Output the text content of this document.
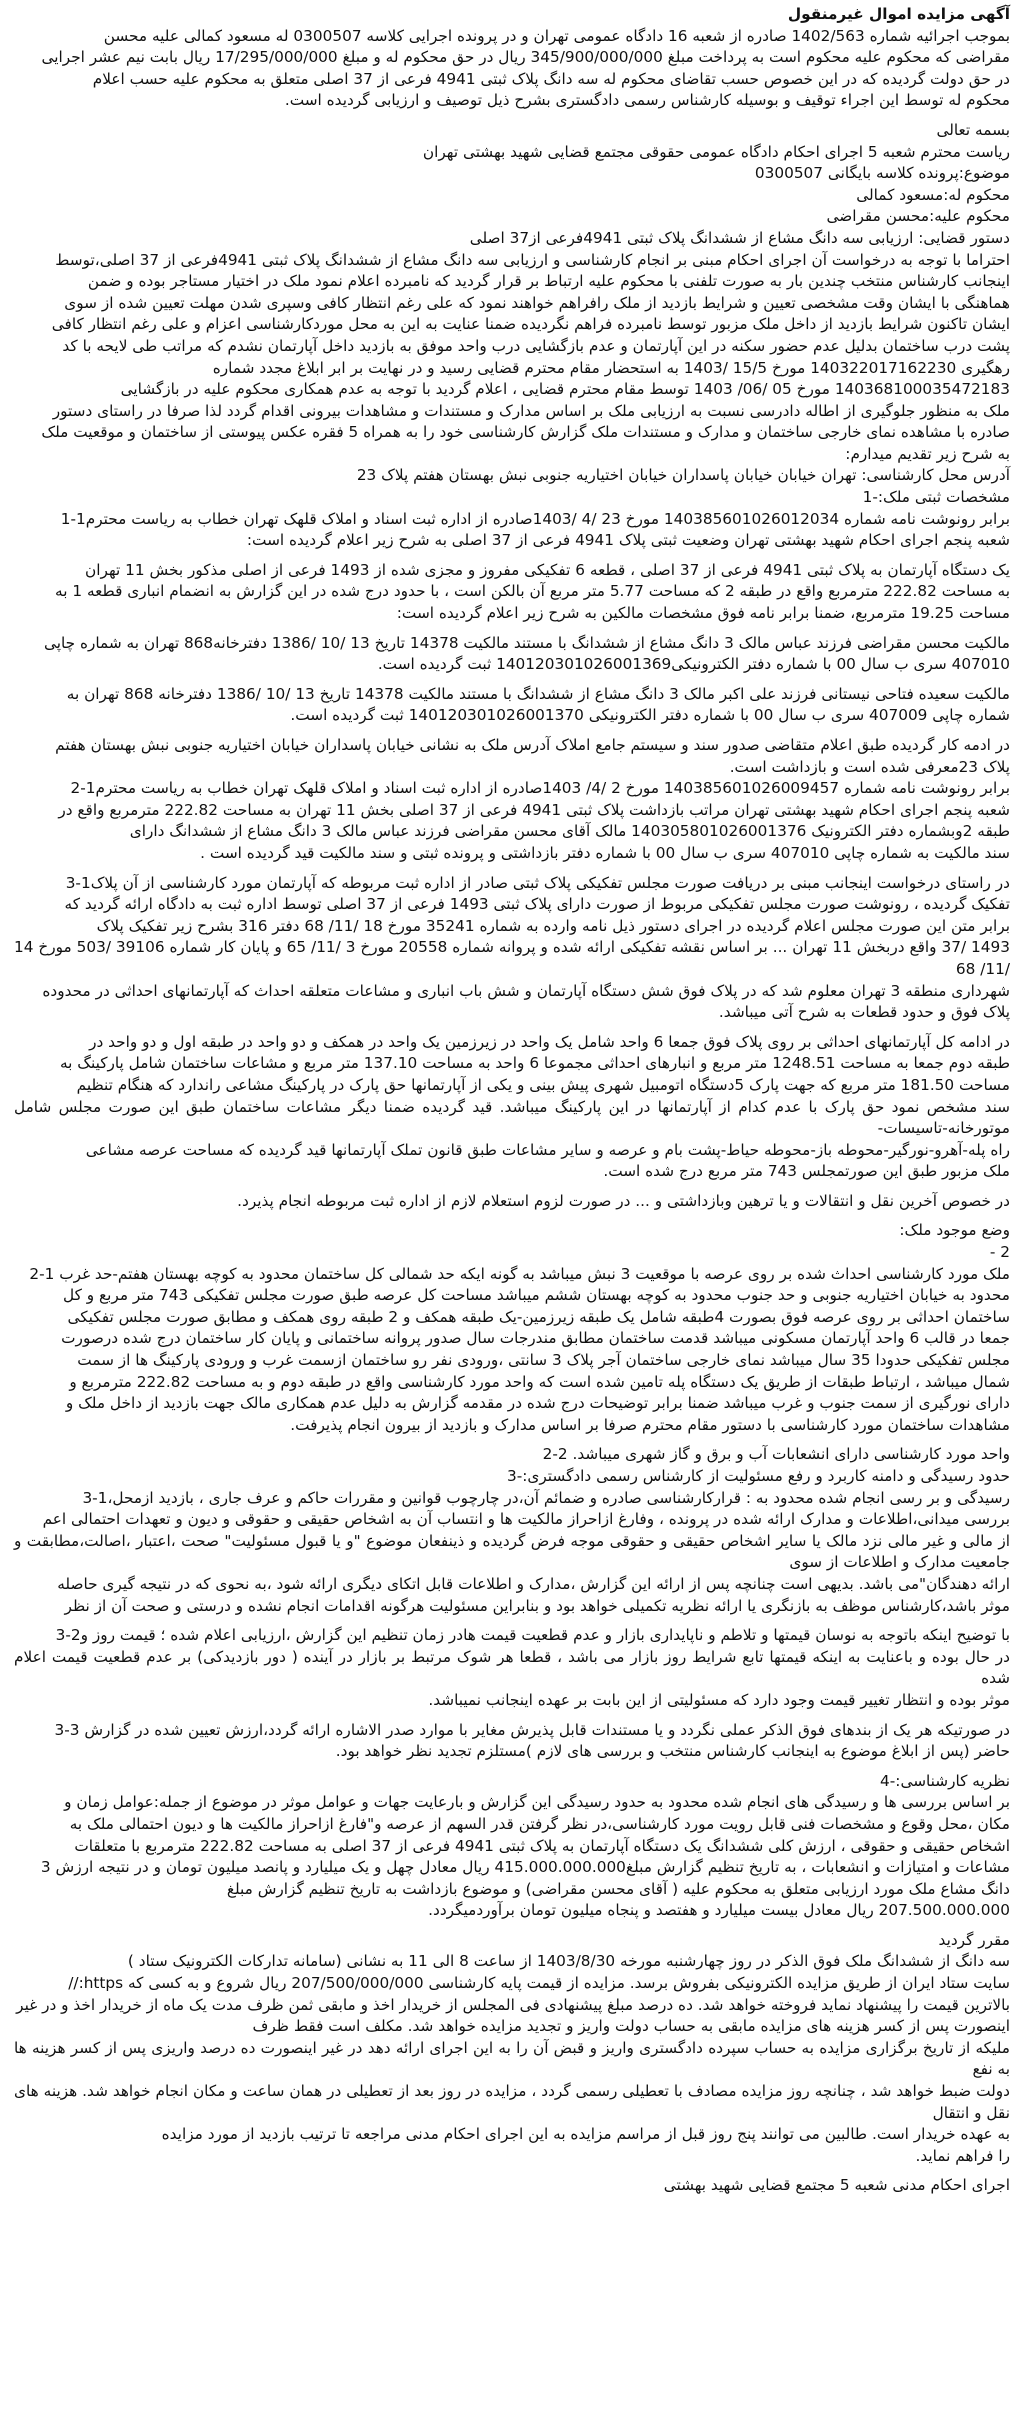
آگهی مزایده اموال غیرمنقول

بموجب اجرائیه شماره 1402/563 صادره از شعبه 16 دادگاه عمومی تهران و در پرونده اجرایی کلاسه 0300507 له مسعود کمالی علیه محسن

مقراضی که محکوم علیه محکوم است به پرداخت مبلغ 345/900/000/000 ریال در حق محکوم له و مبلغ 17/295/000/000 ریال بابت نیم عشر اجرایی

در حق دولت گردیده که در این خصوص حسب تقاضای محکوم له سه دانگ پلاک ثبتی 4941 فرعی از 37 اصلی متعلق به محکوم علیه حسب اعلام

محکوم له توسط این اجراء توقیف و بوسیله کارشناس رسمی دادگستری بشرح ذیل توصیف و ارزیابی گردیده است.

بسمه تعالی

ریاست محترم شعبه 5 اجرای احکام دادگاه عمومی حقوقی مجتمع قضایی شهید بهشتی تهران

موضوع:پرونده کلاسه بایگانی 0300507

محکوم له:مسعود کمالی

محکوم علیه:محسن مقراضی

دستور قضایی: ارزیابی سه دانگ مشاع از ششدانگ پلاک ثبتی 4941فرعی از37 اصلی

احتراما با توجه به درخواست آن اجرای احکام مبنی بر انجام کارشناسی و ارزیابی سه دانگ مشاع از ششدانگ پلاک ثبتی 4941فرعی از 37 اصلی،توسط

اینجانب کارشناس منتخب چندین بار به صورت تلفنی با محکوم علیه ارتباط بر قرار گردید که نامبرده اعلام نمود ملک در اختیار مستاجر بوده و ضمن

هماهنگی با ایشان وقت مشخصی تعیین و شرایط بازدید از ملک رافراهم خواهند نمود که علی رغم انتظار کافی وسپری شدن مهلت تعیین شده از سوی

ایشان تاکنون شرایط بازدید از داخل ملک مزبور توسط نامبرده فراهم نگردیده ضمنا عنایت به این به محل موردکارشناسی اعزام و علی رغم انتظار کافی

پشت درب ساختمان بدلیل عدم حضور سکنه در این آپارتمان و عدم بازگشایی درب واحد موفق به بازدید داخل آپارتمان نشدم که مراتب طی لایحه با کد

رهگیری 140322017162230 مورخ 15/5 /1403 به استحضار مقام محترم قضایی رسید و در نهایت بر ابر ابلاغ مجدد شماره

140368100035472183 مورخ 05 /06/ 1403 توسط مقام محترم قضایی ، اعلام گردید با توجه به عدم همکاری محکوم علیه در بازگشایی

ملک به منظور جلوگیری از اطاله دادرسی نسبت به ارزیابی ملک بر اساس مدارک و مستندات و مشاهدات بیرونی اقدام گردد لذا صرفا در راستای دستور

صادره با مشاهده نمای خارجی ساختمان و مدارک و مستندات ملک گزارش کارشناسی خود را به همراه 5 فقره عکس پیوستی از ساختمان و موقعیت ملک

به شرح زیر تقدیم میدارم:

آدرس محل کارشناسی: تهران خیابان خیابان پاسداران خیابان اختیاریه جنوبی نبش بهستان هفتم پلاک 23

مشخصات ثبتی ملک:-1

برابر رونوشت نامه شماره 140385601026012034 مورخ 23 /4 /1403صادره از اداره ثبت اسناد و املاک قلهک تهران خطاب به ریاست محترم1-1

شعبه پنجم اجرای احکام شهید بهشتی تهران وضعیت ثبتی پلاک 4941 فرعی از 37 اصلی به شرح زیر اعلام گردیده است:

یک دستگاه آپارتمان به پلاک ثبتی 4941 فرعی از 37 اصلی ، قطعه 6 تفکیکی مفروز و مجزی شده از 1493 فرعی از اصلی مذکور بخش 11 تهران

به مساحت 222.82 مترمربع واقع در طبقه 2 که مساحت 5.77 متر مربع آن بالکن است ، با حدود درج شده در این گزارش به انضمام انباری قطعه 1 به

مساحت 19.25 مترمربع، ضمنا برابر نامه فوق مشخصات مالکین به شرح زیر اعلام گردیده است:

مالکیت محسن مقراضی فرزند عباس مالک 3 دانگ مشاع از ششدانگ با مستند مالکیت 14378 تاریخ 13 /10 /1386 دفترخانه868 تهران به شماره چاپی

407010 سری ب سال 00 با شماره دفتر الکترونیکی140120301026001369 ثبت گردیده است.

مالکیت سعیده فتاحی نیستانی فرزند علی اکبر مالک 3 دانگ مشاع از ششدانگ با مستند مالکیت 14378 تاریخ 13 /10 /1386 دفترخانه 868 تهران به

شماره چاپی 407009 سری ب سال 00 با شماره دفتر الکترونیکی 140120301026001370 ثبت گردیده است.

در ادمه کار گردیده طبق اعلام متقاضی صدور سند و سیستم جامع املاک آدرس ملک به نشانی خیابان پاسداران خیابان اختیاریه جنوبی نبش بهستان هفتم

پلاک 23معرفی شده است و بازداشت است.

برابر رونوشت نامه شماره 140385601026009457 مورخ 2 /4/ 1403صادره از اداره ثبت اسناد و املاک قلهک تهران خطاب به ریاست محترم1-2

شعبه پنجم اجرای احکام شهید بهشتی تهران مراتب بازداشت پلاک ثبتی 4941 فرعی از 37 اصلی بخش 11 تهران به مساحت 222.82 مترمربع واقع در

طبقه 2وبشماره دفتر الکترونیک 140305801026001376 مالک آقای محسن مقراضی فرزند عباس مالک 3 دانگ مشاع از ششدانگ دارای

سند مالکیت به شماره چاپی 407010 سری ب سال 00 با شماره دفتر بازداشتی و پرونده ثبتی و سند مالکیت قید گردیده است .

در راستای درخواست اینجانب مبنی بر دریافت صورت مجلس تفکیکی پلاک ثبتی صادر از اداره ثبت مربوطه که آپارتمان مورد کارشناسی از آن پلاک1-3

تفکیک گردیده ، رونوشت صورت مجلس تفکیکی مربوط از صورت دارای پلاک ثبتی 1493 فرعی از 37 اصلی توسط اداره ثبت به دادگاه ارائه گردید که

برابر متن این صورت مجلس اعلام گردیده در اجرای دستور ذیل نامه وارده به شماره 35241 مورخ 18 /11/ 68 دفتر 316 بشرح زیر تفکیک پلاک

1493 /37 واقع دربخش 11 تهران ... بر اساس نقشه تفکیکی ارائه شده و پروانه شماره 20558 مورخ 3 /11/ 65 و پایان کار شماره 39106 /503 مورخ 14 /11/ 68

شهرداری منطقه 3 تهران معلوم شد که در پلاک فوق شش دستگاه آپارتمان و شش باب انباری و مشاعات متعلقه احداث که آپارتمانهای احداثی در محدوده

پلاک فوق و حدود قطعات به شرح آتی میباشد.

در ادامه کل آپارتمانهای احداثی بر روی پلاک فوق جمعا 6 واحد شامل یک واحد در زیرزمین یک واحد در همکف و دو واحد در طبقه اول و دو واحد در

طبقه دوم جمعا به مساحت 1248.51 متر مربع و انبارهای احداثی مجموعا 6 واحد به مساحت 137.10 متر مربع و مشاعات ساختمان شامل پارکینگ به

مساحت 181.50 متر مربع که جهت پارک 5دستگاه اتومبیل شهری پیش بینی و یکی از آپارتمانها حق پارک در پارکینگ مشاعی راندارد که هنگام تنظیم

سند مشخص نمود حق پارک با عدم کدام از آپارتمانها در این پارکینگ میباشد. قید گردیده ضمنا دیگر مشاعات ساختمان طبق این صورت مجلس شامل موتورخانه-تاسیسات-

راه پله-آهرو-نورگیر-محوطه باز-محوطه حیاط-پشت بام و عرصه و سایر مشاعات طبق قانون تملک آپارتمانها قید گردیده که مساحت عرصه مشاعی

ملک مزبور طبق این صورتمجلس 743 متر مربع درج شده است.

در خصوص آخرین نقل و انتقالات و یا ترهین وبازداشتی و ... در صورت لزوم استعلام لازم از اداره ثبت مربوطه انجام پذیرد.

وضع موجود ملک:

2 -

ملک مورد کارشناسی احداث شده بر روی عرصه با موقعیت 3 نبش میباشد به گونه ایکه حد شمالی کل ساختمان محدود به کوچه بهستان هفتم-حد غرب 1-2

محدود به خیابان اختیاریه جنوبی و حد جنوب محدود به کوچه بهستان ششم میباشد مساحت کل عرصه طبق صورت مجلس تفکیکی 743 متر مربع و کل

ساختمان احداثی بر روی عرصه فوق بصورت 4طبقه شامل یک طبقه زیرزمین-یک طبقه همکف و 2 طبقه روی همکف و مطابق صورت مجلس تفکیکی

جمعا در قالب 6 واحد آپارتمان مسکونی میباشد قدمت ساختمان مطابق مندرجات سال صدور پروانه ساختمانی و پایان کار ساختمان درج شده درصورت

مجلس تفکیکی حدودا 35 سال میباشد نمای خارجی ساختمان آجر پلاک 3 سانتی ،ورودی نفر رو ساختمان ازسمت غرب و ورودی پارکینگ ها از سمت

شمال میباشد ، ارتباط طبقات از طریق یک دستگاه پله تامین شده است که واحد مورد کارشناسی واقع در طبقه دوم و به مساحت 222.82 مترمربع و

دارای نورگیری از سمت جنوب و غرب میباشد ضمنا برابر توضیحات درج شده در مقدمه گزارش به دلیل عدم همکاری مالک جهت بازدید از داخل ملک و

مشاهدات ساختمان مورد کارشناسی با دستور مقام محترم صرفا بر اساس مدارک و بازدید از بیرون انجام پذیرفت.

واحد مورد کارشناسی دارای انشعابات آب و برق و گاز شهری میباشد. 2-2

حدود رسیدگی و دامنه کاربرد و رفع مسئولیت از کارشناس رسمی دادگستری:-3

رسیدگی و بر رسی انجام شده محدود به : قرارکارشناسی صادره و ضمائم آن،در چارچوب قوانین و مقررات حاکم و عرف جاری ، بازدید ازمحل،1-3

بررسی میدانی،اطلاعات و مدارک ارائه شده در پرونده ، وفارغ ازاحراز مالکیت ها و انتساب آن به اشخاص حقیقی و حقوقی و دیون و تعهدات احتمالی اعم

از مالی و غیر مالی نزد مالک یا سایر اشخاص حقیقی و حقوقی موجه فرض گردیده و ذینفعان موضوع "و یا قبول مسئولیت" صحت ،اعتبار ،اصالت،مطابقت و جامعیت مدارک و اطلاعات از سوی

ارائه دهندگان"می باشد. بدیهی است چنانچه پس از ارائه این گزارش ،مدارک و اطلاعات قابل اتکای دیگری ارائه شود ،به نحوی که در نتیجه گیری حاصله

موثر باشد،کارشناس موظف به بازنگری یا ارائه نظریه تکمیلی خواهد بود و بنابراین مسئولیت هرگونه اقدامات انجام نشده و درستی و صحت آن از نظر

با توضیح اینکه باتوجه به نوسان قیمتها و تلاطم و ناپایداری بازار و عدم قطعیت قیمت هادر زمان تنظیم این گزارش ،ارزیابی اعلام شده ؛ قیمت روز و2-3

در حال بوده و باعنایت به اینکه قیمتها تابع شرایط روز بازار می باشد ، قطعا هر شوک مرتبط بر بازار در آینده ( دور بازدیدکی) بر عدم قطعیت قیمت اعلام شده

موثر بوده و انتظار تغییر قیمت وجود دارد که مسئولیتی از این بابت بر عهده اینجانب نمیباشد.

در صورتیکه هر یک از بندهای فوق الذکر عملی نگردد و یا مستندات قابل پذیرش مغایر با موارد صدر الاشاره ارائه گردد،ارزش تعیین شده در گزارش 3-3

حاضر (پس از ابلاغ موضوع به اینجانب کارشناس منتخب و بررسی های لازم )مستلزم تجدید نظر خواهد بود.

نظریه کارشناسی:-4

بر اساس بررسی ها و رسیدگی های انجام شده محدود به حدود رسیدگی این گزارش و بارعایت جهات و عوامل موثر در موضوع از جمله:عوامل زمان و

مکان ،محل وقوع و مشخصات فنی قابل رویت مورد کارشناسی،در نظر گرفتن قدر السهم از عرصه و"فارغ ازاحراز مالکیت ها و دیون احتمالی ملک به

اشخاص حقیقی و حقوقی ، ارزش کلی ششدانگ یک دستگاه آپارتمان به پلاک ثبتی 4941 فرعی از 37 اصلی به مساحت 222.82 مترمربع با متعلقات

مشاعات و امتیازات و انشعابات ، به تاریخ تنظیم گزارش مبلغ415.000.000.000 ریال معادل چهل و یک میلیارد و پانصد میلیون تومان و در نتیجه ارزش 3

دانگ مشاع ملک مورد ارزیابی متعلق به محکوم علیه ( آقای محسن مقراضی) و موضوع بازداشت به تاریخ تنظیم گزارش مبلغ

207.500.000.000 ریال معادل بیست میلیارد و هفتصد و پنجاه میلیون تومان برآوردمیگردد.

مقرر گردید

سه دانگ از ششدانگ ملک فوق الذکر در روز چهارشنبه مورخه 1403/8/30 از ساعت 8 الی 11 به نشانی (سامانه تدارکات الکترونیک ستاد )

سایت ستاد ایران از طریق مزایده الکترونیکی بفروش برسد. مزایده از قیمت پایه کارشناسی 207/500/000/000 ریال شروع و به کسی که https://

بالاترین قیمت را پیشنهاد نماید فروخته خواهد شد. ده درصد مبلغ پیشنهادی فی المجلس از خریدار اخذ و مابقی ثمن ظرف مدت یک ماه از خریدار اخذ و در غیر

اینصورت پس از کسر هزینه های مزایده مابقی به حساب دولت واریز و تجدید مزایده خواهد شد. مکلف است فقط ظرف

ملیکه از تاریخ برگزاری مزایده به حساب سپرده دادگستری واریز و قبض آن را به این اجرای ارائه دهد در غیر اینصورت ده درصد واریزی پس از کسر هزینه ها به نفع

دولت ضبط خواهد شد ، چنانچه روز مزایده مصادف با تعطیلی رسمی گردد ، مزایده در روز بعد از تعطیلی در همان ساعت و مکان انجام خواهد شد. هزینه های نقل و انتقال

به عهده خریدار است. طالبین می توانند پنج روز قبل از مراسم مزایده به این اجرای احکام مدنی مراجعه تا ترتیب بازدید از مورد مزایده

را فراهم نماید.

اجرای احکام مدنی شعبه 5 مجتمع قضایی شهید بهشتی
